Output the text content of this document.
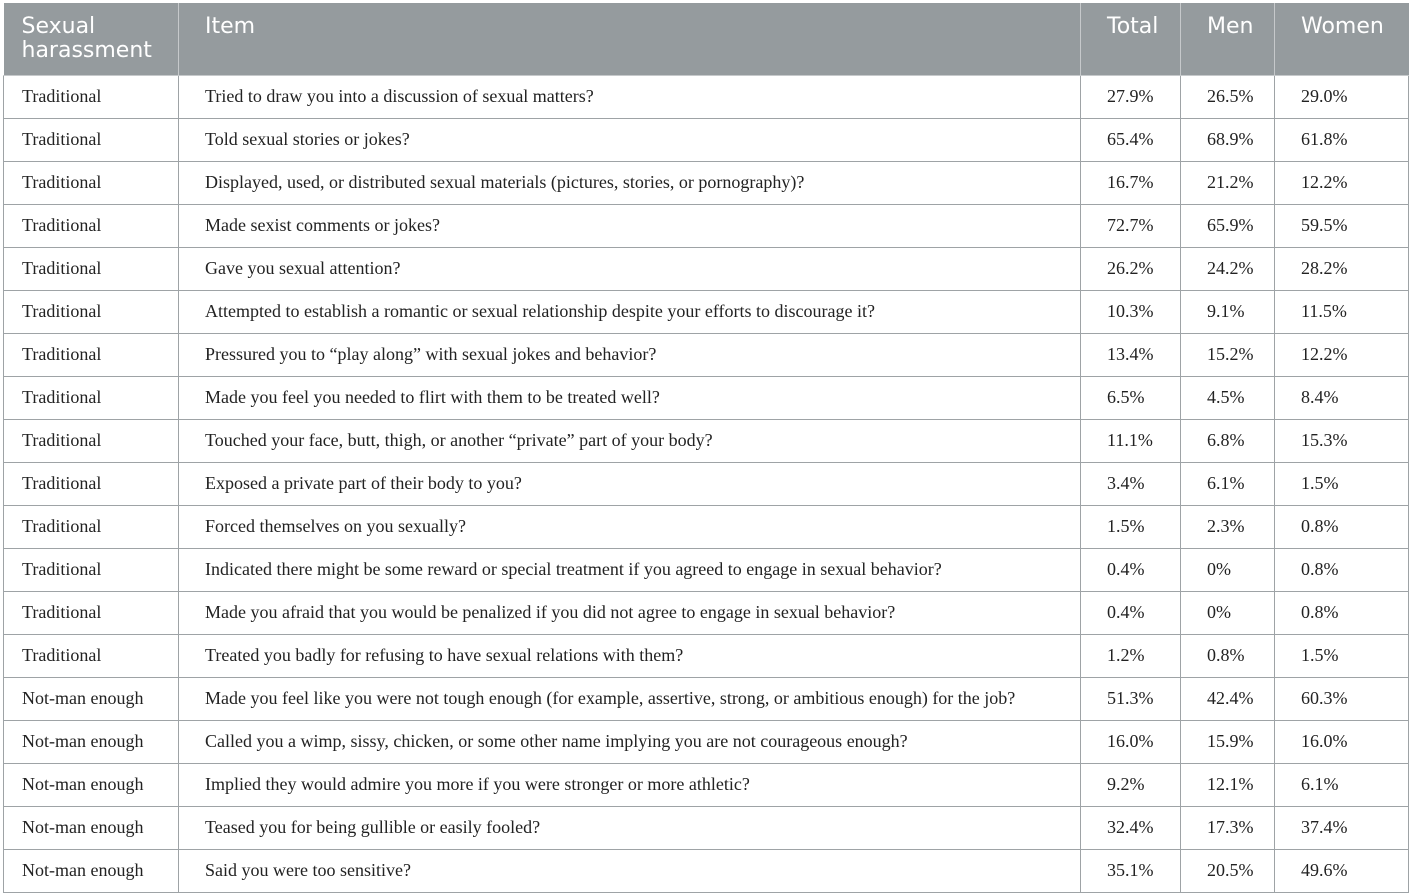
Sexual harassment	Item	Total	Men	Women
Traditional	Tried to draw you into a discussion of sexual matters?	27.9%	26.5%	29.0%
Traditional	Told sexual stories or jokes?	65.4%	68.9%	61.8%
Traditional	Displayed, used, or distributed sexual materials (pictures, stories, or pornography)?	16.7%	21.2%	12.2%
Traditional	Made sexist comments or jokes?	72.7%	65.9%	59.5%
Traditional	Gave you sexual attention?	26.2%	24.2%	28.2%
Traditional	Attempted to establish a romantic or sexual relationship despite your efforts to discourage it?	10.3%	9.1%	11.5%
Traditional	Pressured you to “play along” with sexual jokes and behavior?	13.4%	15.2%	12.2%
Traditional	Made you feel you needed to flirt with them to be treated well?	6.5%	4.5%	8.4%
Traditional	Touched your face, butt, thigh, or another “private” part of your body?	11.1%	6.8%	15.3%
Traditional	Exposed a private part of their body to you?	3.4%	6.1%	1.5%
Traditional	Forced themselves on you sexually?	1.5%	2.3%	0.8%
Traditional	Indicated there might be some reward or special treatment if you agreed to engage in sexual behavior?	0.4%	0%	0.8%
Traditional	Made you afraid that you would be penalized if you did not agree to engage in sexual behavior?	0.4%	0%	0.8%
Traditional	Treated you badly for refusing to have sexual relations with them?	1.2%	0.8%	1.5%
Not-man enough	Made you feel like you were not tough enough (for example, assertive, strong, or ambitious enough) for the job?	51.3%	42.4%	60.3%
Not-man enough	Called you a wimp, sissy, chicken, or some other name implying you are not courageous enough?	16.0%	15.9%	16.0%
Not-man enough	Implied they would admire you more if you were stronger or more athletic?	9.2%	12.1%	6.1%
Not-man enough	Teased you for being gullible or easily fooled?	32.4%	17.3%	37.4%
Not-man enough	Said you were too sensitive?	35.1%	20.5%	49.6%
